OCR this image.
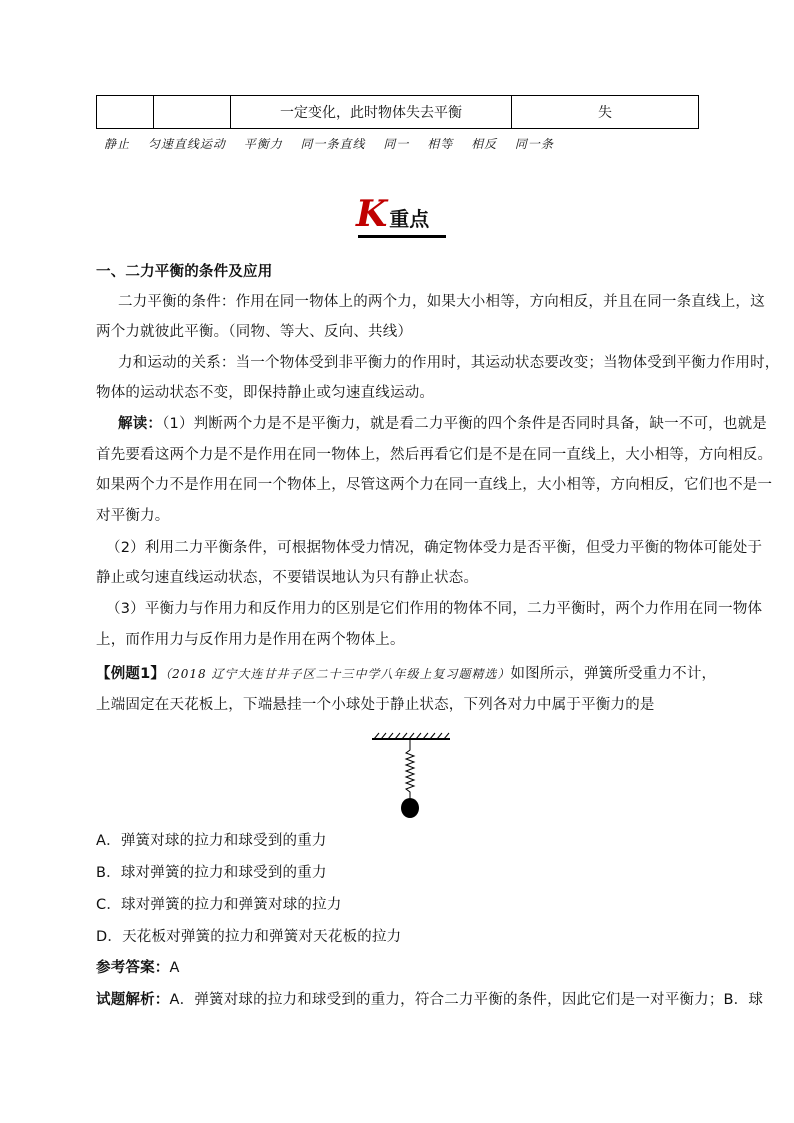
		一定变化，此时物体失去平衡	失
静止 匀速直线运动 平衡力 同一条直线 同一 相等 相反 同一条
K重点
一、二力平衡的条件及应用
二力平衡的条件：作用在同一物体上的两个力，如果大小相等，方向相反，并且在同一条直线上，这
两个力就彼此平衡。（同物、等大、反向、共线）
力和运动的关系：当一个物体受到非平衡力的作用时，其运动状态要改变；当物体受到平衡力作用时，
物体的运动状态不变，即保持静止或匀速直线运动。
解读：（1）判断两个力是不是平衡力，就是看二力平衡的四个条件是否同时具备，缺一不可，也就是
首先要看这两个力是不是作用在同一物体上，然后再看它们是不是在同一直线上，大小相等，方向相反。
如果两个力不是作用在同一个物体上，尽管这两个力在同一直线上，大小相等，方向相反，它们也不是一
对平衡力。
（2）利用二力平衡条件，可根据物体受力情况，确定物体受力是否平衡，但受力平衡的物体可能处于
静止或匀速直线运动状态，不要错误地认为只有静止状态。
（3）平衡力与作用力和反作用力的区别是它们作用的物体不同，二力平衡时，两个力作用在同一物体
上，而作用力与反作用力是作用在两个物体上。
【例题1】（2018 辽宁大连甘井子区二十三中学八年级上复习题精选）如图所示，弹簧所受重力不计，
上端固定在天花板上，下端悬挂一个小球处于静止状态，下列各对力中属于平衡力的是
A．弹簧对球的拉力和球受到的重力
B．球对弹簧的拉力和球受到的重力
C．球对弹簧的拉力和弹簧对球的拉力
D．天花板对弹簧的拉力和弹簧对天花板的拉力
参考答案：A
试题解析：A．弹簧对球的拉力和球受到的重力，符合二力平衡的条件，因此它们是一对平衡力；B．球
